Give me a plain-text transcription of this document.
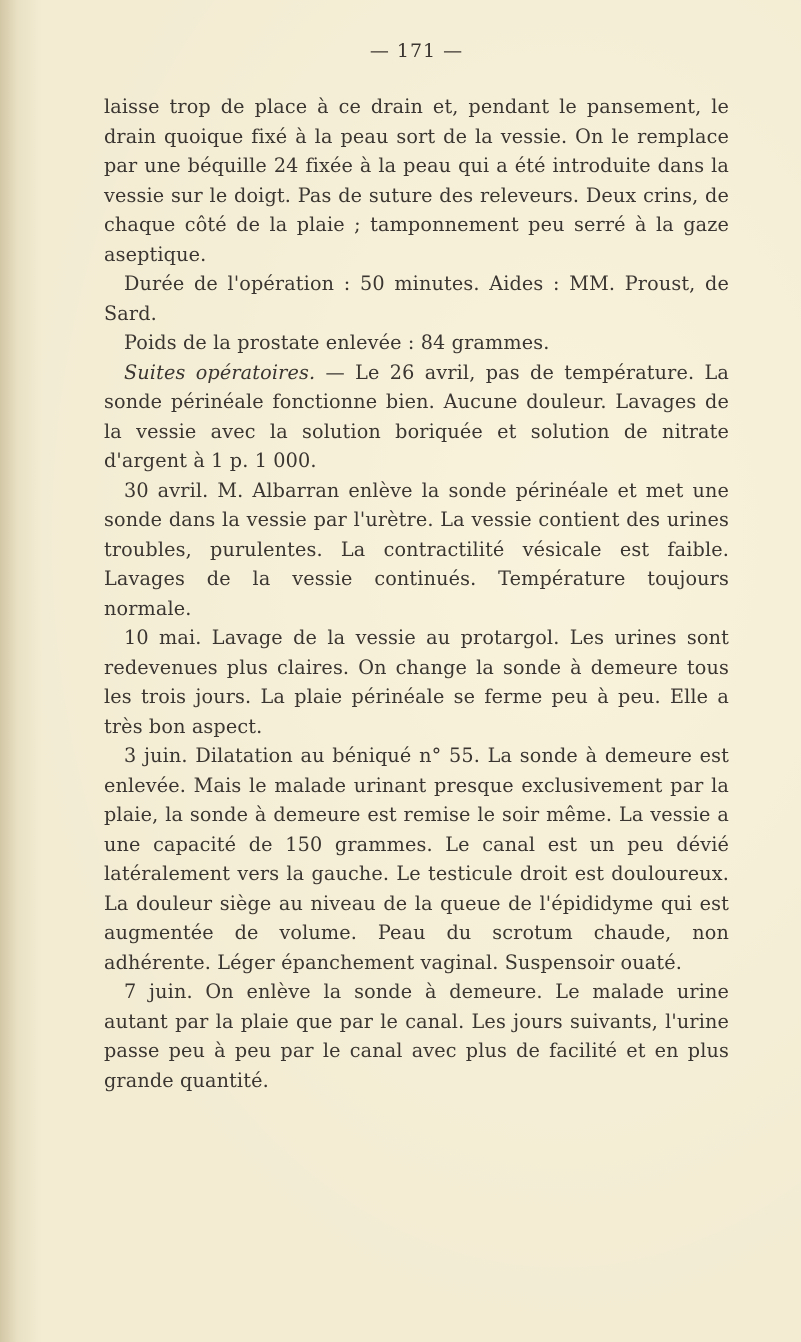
— 171 —

laisse trop de place à ce drain et, pendant le pansement, le drain quoique fixé à la peau sort de la vessie. On le remplace par une béquille 24 fixée à la peau qui a été introduite dans la vessie sur le doigt. Pas de suture des releveurs. Deux crins, de chaque côté de la plaie ; tamponnement peu serré à la gaze aseptique.

Durée de l'opération : 50 minutes. Aides : MM. Proust, de Sard.

Poids de la prostate enlevée : 84 grammes.

Suites opératoires. — Le 26 avril, pas de température. La sonde périnéale fonctionne bien. Aucune douleur. Lavages de la vessie avec la solution boriquée et solution de nitrate d'argent à 1 p. 1 000.

30 avril. M. Albarran enlève la sonde périnéale et met une sonde dans la vessie par l'urètre. La vessie contient des urines troubles, purulentes. La contractilité vésicale est faible. Lavages de la vessie continués. Température toujours normale.

10 mai. Lavage de la vessie au protargol. Les urines sont redevenues plus claires. On change la sonde à demeure tous les trois jours. La plaie périnéale se ferme peu à peu. Elle a très bon aspect.

3 juin. Dilatation au béniqué n° 55. La sonde à demeure est enlevée. Mais le malade urinant presque exclusivement par la plaie, la sonde à demeure est remise le soir même. La vessie a une capacité de 150 grammes. Le canal est un peu dévié latéralement vers la gauche. Le testicule droit est douloureux. La douleur siège au niveau de la queue de l'épididyme qui est augmentée de volume. Peau du scrotum chaude, non adhérente. Léger épanchement vaginal. Suspensoir ouaté.

7 juin. On enlève la sonde à demeure. Le malade urine autant par la plaie que par le canal. Les jours suivants, l'urine passe peu à peu par le canal avec plus de facilité et en plus grande quantité.
